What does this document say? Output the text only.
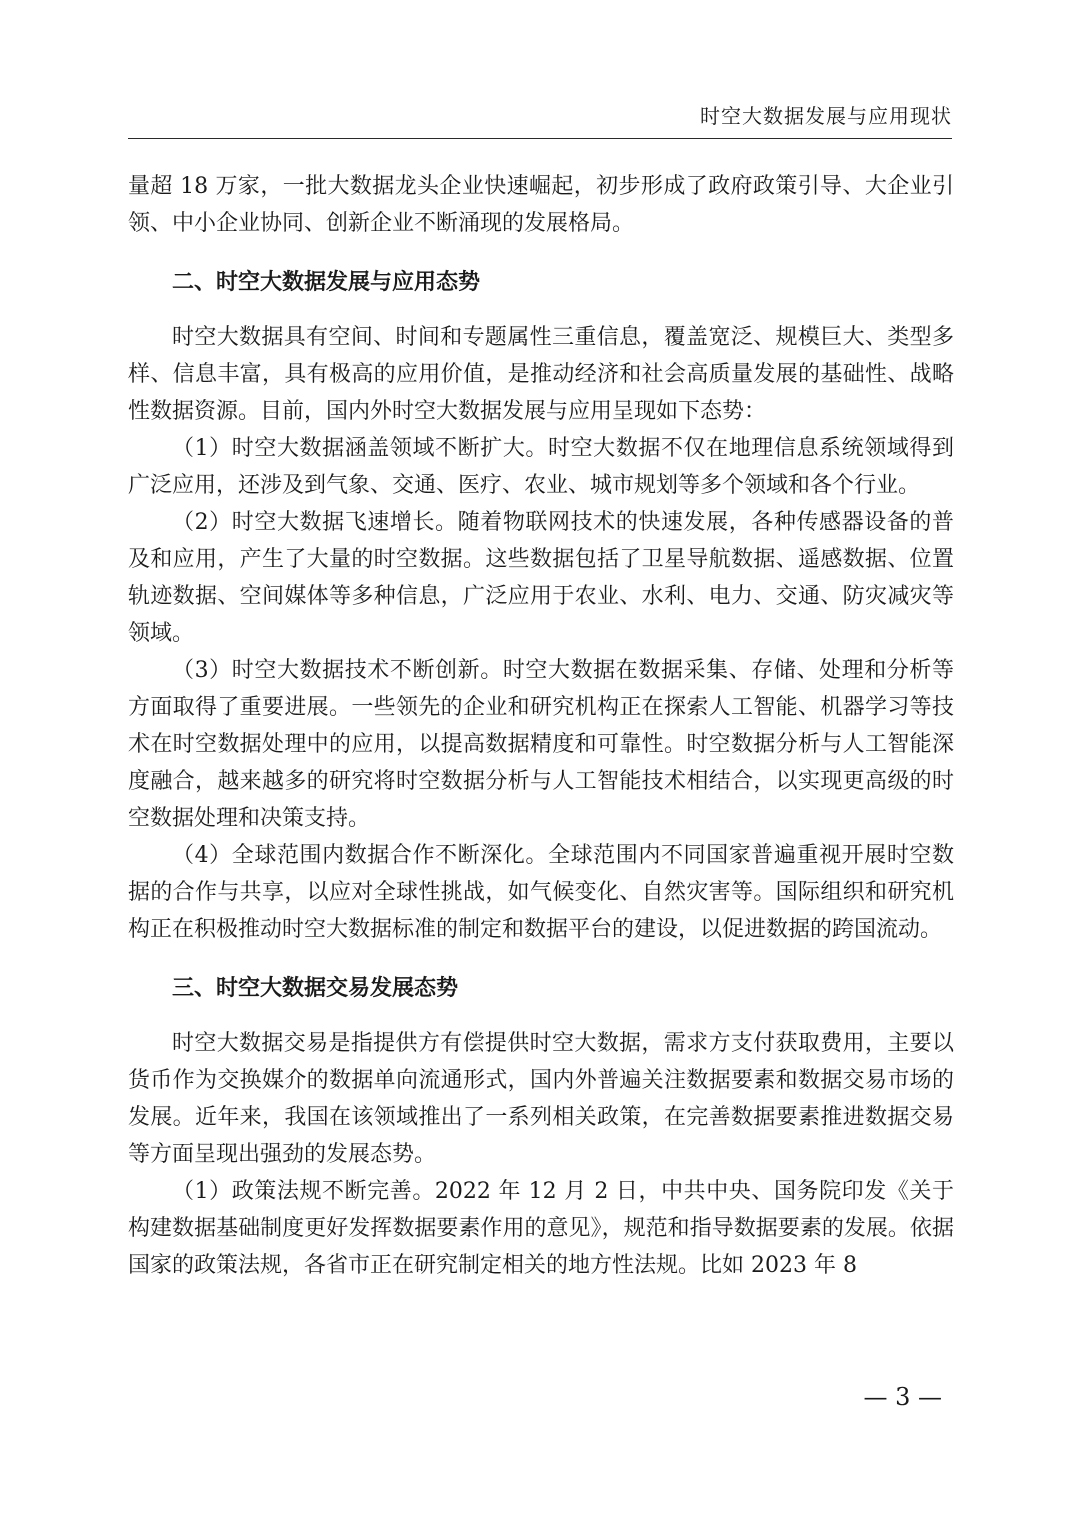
时空大数据发展与应用现状

量超 18 万家，一批大数据龙头企业快速崛起，初步形成了政府政策引导、大企业引领、中小企业协同、创新企业不断涌现的发展格局。

二、时空大数据发展与应用态势

时空大数据具有空间、时间和专题属性三重信息，覆盖宽泛、规模巨大、类型多样、信息丰富，具有极高的应用价值，是推动经济和社会高质量发展的基础性、战略性数据资源。目前，国内外时空大数据发展与应用呈现如下态势：

（1）时空大数据涵盖领域不断扩大。时空大数据不仅在地理信息系统领域得到广泛应用，还涉及到气象、交通、医疗、农业、城市规划等多个领域和各个行业。

（2）时空大数据飞速增长。随着物联网技术的快速发展，各种传感器设备的普及和应用，产生了大量的时空数据。这些数据包括了卫星导航数据、遥感数据、位置轨迹数据、空间媒体等多种信息，广泛应用于农业、水利、电力、交通、防灾减灾等领域。

（3）时空大数据技术不断创新。时空大数据在数据采集、存储、处理和分析等方面取得了重要进展。一些领先的企业和研究机构正在探索人工智能、机器学习等技术在时空数据处理中的应用，以提高数据精度和可靠性。时空数据分析与人工智能深度融合，越来越多的研究将时空数据分析与人工智能技术相结合，以实现更高级的时空数据处理和决策支持。

（4）全球范围内数据合作不断深化。全球范围内不同国家普遍重视开展时空数据的合作与共享，以应对全球性挑战，如气候变化、自然灾害等。国际组织和研究机构正在积极推动时空大数据标准的制定和数据平台的建设，以促进数据的跨国流动。

三、时空大数据交易发展态势

时空大数据交易是指提供方有偿提供时空大数据，需求方支付获取费用，主要以货币作为交换媒介的数据单向流通形式，国内外普遍关注数据要素和数据交易市场的发展。近年来，我国在该领域推出了一系列相关政策，在完善数据要素推进数据交易等方面呈现出强劲的发展态势。

（1）政策法规不断完善。2022 年 12 月 2 日，中共中央、国务院印发《关于构建数据基础制度更好发挥数据要素作用的意见》，规范和指导数据要素的发展。依据国家的政策法规，各省市正在研究制定相关的地方性法规。比如 2023 年 8

— 3 —
